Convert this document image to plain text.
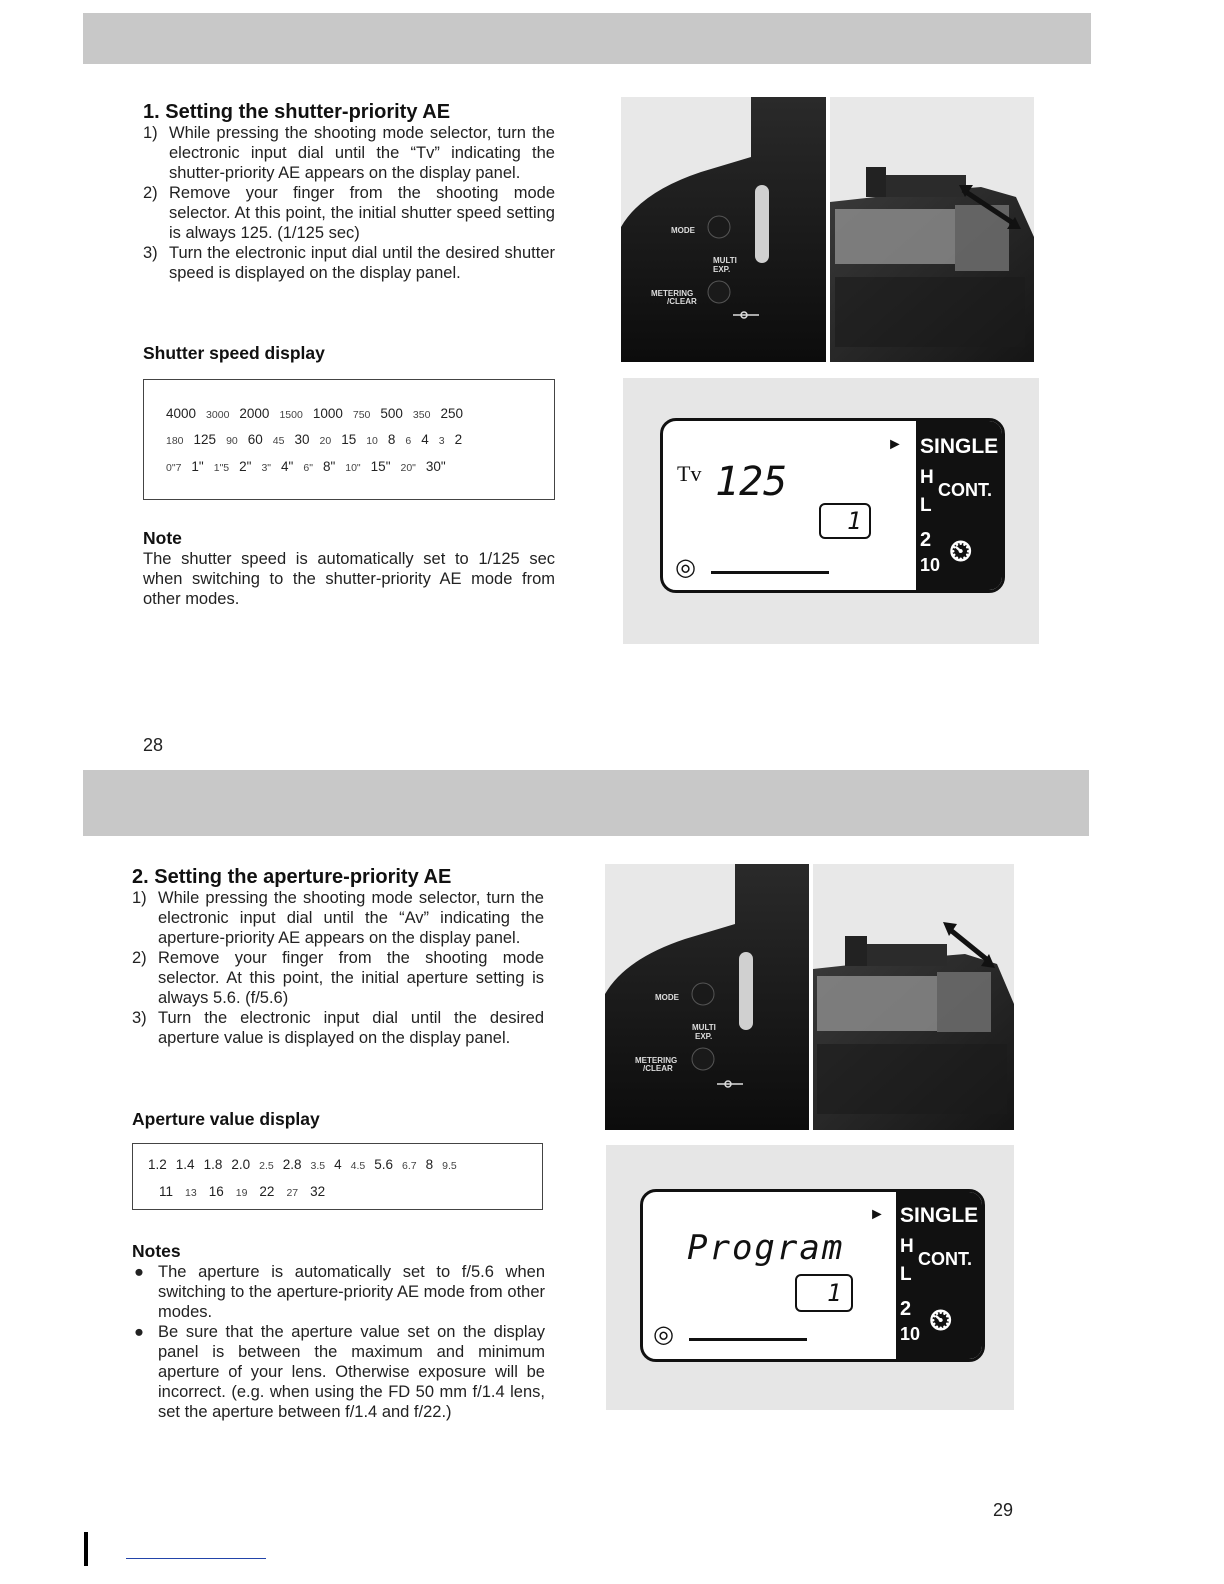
1. Setting the shutter-priority AE
1) While pressing the shooting mode selector, turn the electronic input dial until the “Tv” indicating the shutter-priority AE appears on the display panel.
2) Remove your finger from the shooting mode selector. At this point, the initial shutter speed setting is always 125. (1/125 sec)
3) Turn the electronic input dial until the desired shutter speed is displayed on the display panel.
Shutter speed display
4000 3000 2000 1500 1000 750 500 350 250
180 125 90 60 45 30 20 15 10 8 6 4 3 2
0"7 1" 1"5 2" 3" 4" 6" 8" 10" 15" 20" 30"
Note

The shutter speed is automatically set to 1/125 sec when switching to the shutter-priority AE mode from other modes.

28

MODE
MULTI
EXP.
METERING
/CLEAR
Tv 125
1
◎ ▬▬▬▬▬▬▬▬▬▬▬▬▬
► SINGLE
H
CONT.
L
2
10 ⏲
2. Setting the aperture-priority AE
1) While pressing the shooting mode selector, turn the electronic input dial until the “Av” indicating the aperture-priority AE appears on the display panel.
2) Remove your finger from the shooting mode selector. At this point, the initial aperture setting is always 5.6. (f/5.6)
3) Turn the electronic input dial until the desired aperture value is displayed on the display panel.
Aperture value display
1.2 1.4 1.8 2.0 2.5 2.8 3.5 4 4.5 5.6 6.7 8 9.5
11 13 16 19 22 27 32
Notes
● The aperture is automatically set to f/5.6 when switching to the aperture-priority AE mode from other modes.
● Be sure that the aperture value set on the display panel is between the maximum and minimum aperture of your lens. Otherwise exposure will be incorrect. (e.g. when using the FD 50 mm f/1.4 lens, set the aperture between f/1.4 and f/22.)

29

MODE
MULTI
EXP.
METERING
/CLEAR
Program
1
◎ ▬▬▬▬▬▬▬▬▬▬▬▬▬
► SINGLE
H
CONT.
L
2
10 ⏲
